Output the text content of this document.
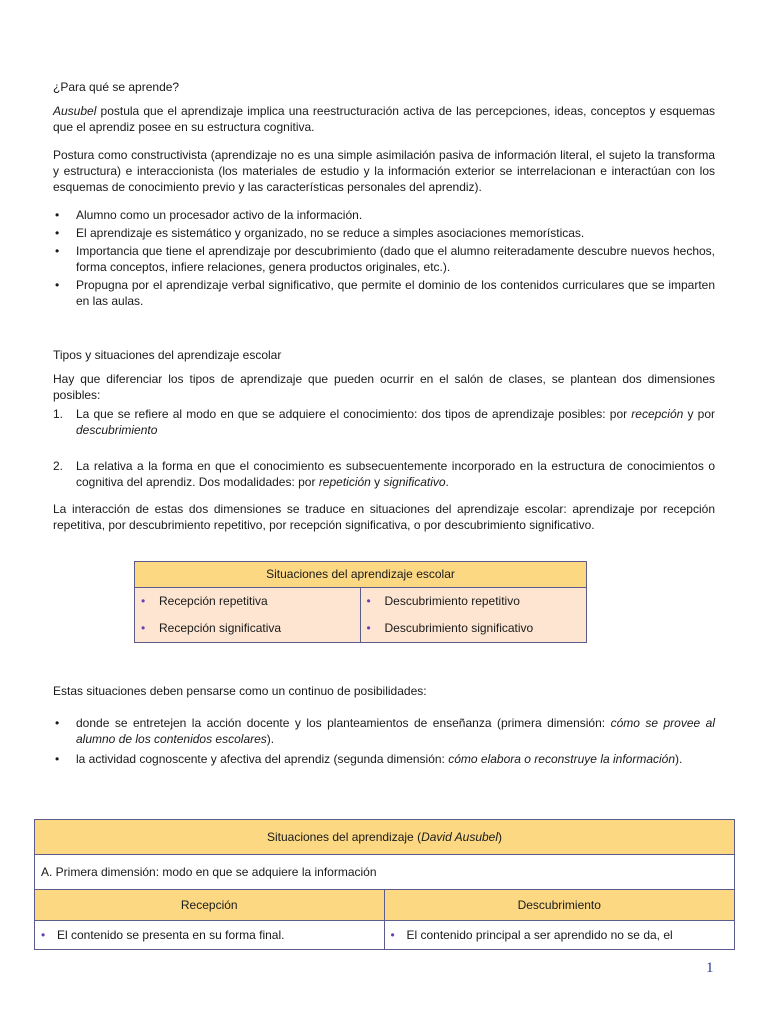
¿Para qué se aprende?

Ausubel postula que el aprendizaje implica una reestructuración activa de las percepciones, ideas, conceptos y esquemas que el aprendiz posee en su estructura cognitiva.

Postura como constructivista (aprendizaje no es una simple asimilación pasiva de información literal, el sujeto la transforma y estructura) e interaccionista (los materiales de estudio y la información exterior se interrelacionan e interactúan con los esquemas de conocimiento previo y las características personales del aprendiz).

• Alumno como un procesador activo de la información.
• El aprendizaje es sistemático y organizado, no se reduce a simples asociaciones memorísticas.
• Importancia que tiene el aprendizaje por descubrimiento (dado que el alumno reiteradamente descubre nuevos hechos, forma conceptos, infiere relaciones, genera productos originales, etc.).
• Propugna por el aprendizaje verbal significativo, que permite el dominio de los contenidos curriculares que se imparten en las aulas.

Tipos y situaciones del aprendizaje escolar

Hay que diferenciar los tipos de aprendizaje que pueden ocurrir en el salón de clases, se plantean dos dimensiones posibles:

1. La que se refiere al modo en que se adquiere el conocimiento: dos tipos de aprendizaje posibles: por recepción y por descubrimiento

2. La relativa a la forma en que el conocimiento es subsecuentemente incorporado en la estructura de conocimientos o cognitiva del aprendiz. Dos modalidades: por repetición y significativo.

La interacción de estas dos dimensiones se traduce en situaciones del aprendizaje escolar: aprendizaje por recepción repetitiva, por descubrimiento repetitivo, por recepción significativa, o por descubrimiento significativo.

Situaciones del aprendizaje escolar
• Recepción repetitiva	• Descubrimiento repetitivo
• Recepción significativa	• Descubrimiento significativo

Estas situaciones deben pensarse como un continuo de posibilidades:

• donde se entretejen la acción docente y los planteamientos de enseñanza (primera dimensión: cómo se provee al alumno de los contenidos escolares).
• la actividad cognoscente y afectiva del aprendiz (segunda dimensión: cómo elabora o reconstruye la información).
Situaciones del aprendizaje (David Ausubel)
A. Primera dimensión: modo en que se adquiere la información
Recepción	Descubrimiento
• El contenido se presenta en su forma final.	• El contenido principal a ser aprendido no se da, el
1
